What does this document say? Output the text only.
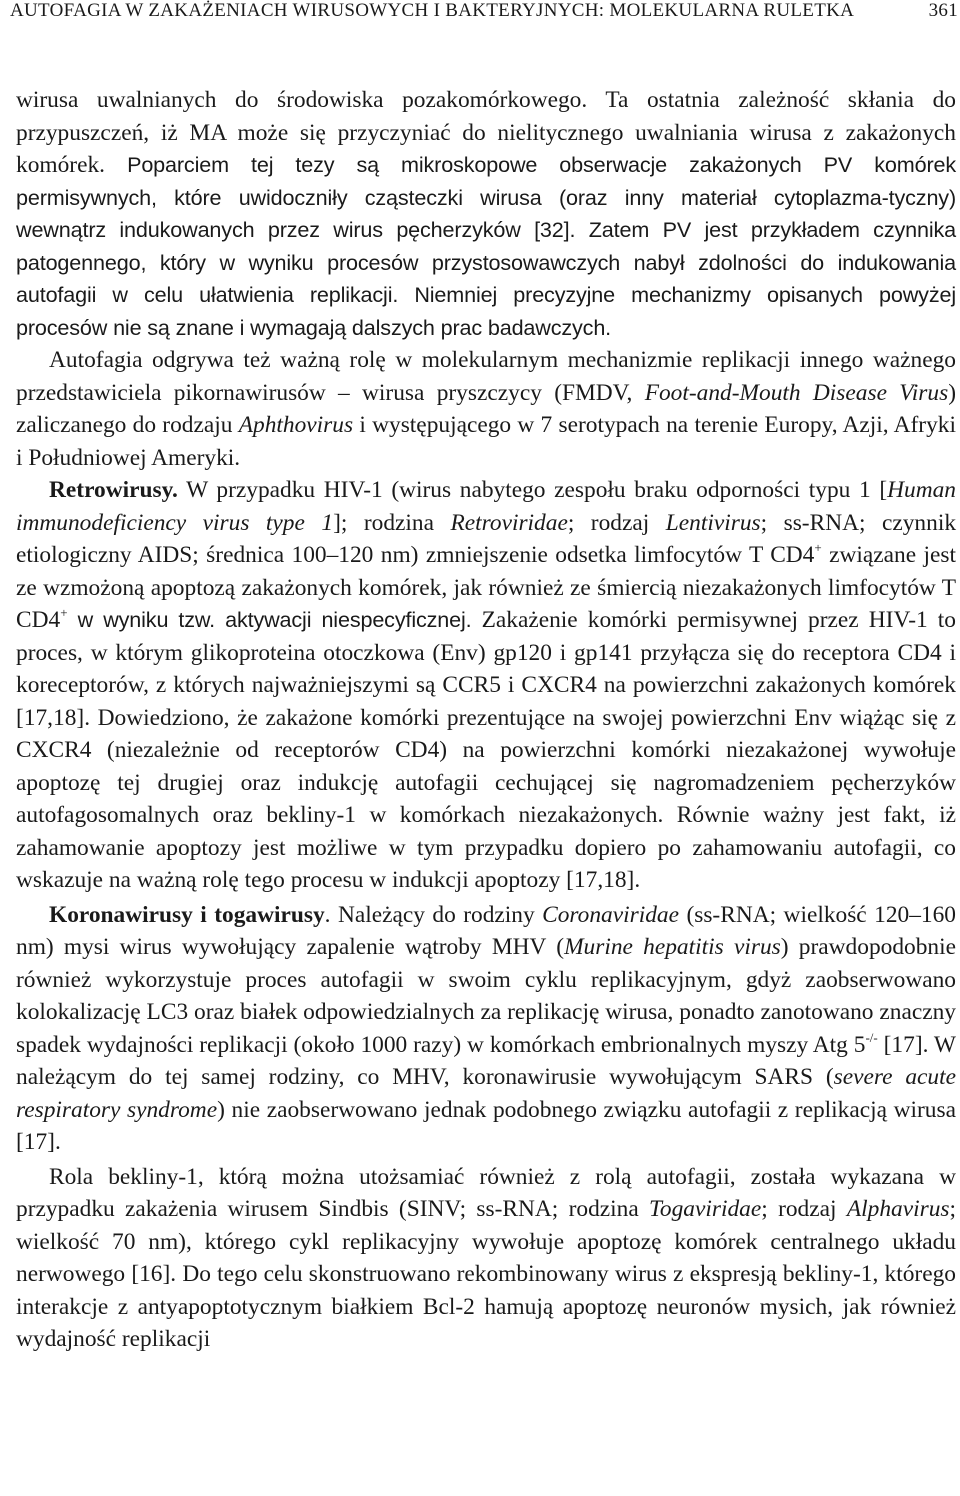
AUTOFAGIA W ZAKAŻENIACH WIRUSOWYCH I BAKTERYJNYCH: MOLEKULARNA RULETKA	361

wirusa uwalnianych do środowiska pozakomórkowego. Ta ostatnia zależność skłania do przypuszczeń, iż MA może się przyczyniać do nielitycznego uwalniania wirusa z zakażonych komórek. Poparciem tej tezy są mikroskopowe obserwacje zakażonych PV komórek permisywnych, które uwidoczniły cząsteczki wirusa (oraz inny materiał cytoplazma-tyczny) wewnątrz indukowanych przez wirus pęcherzyków [32]. Zatem PV jest przykładem czynnika patogennego, który w wyniku procesów przystosowawczych nabył zdolności do indukowania autofagii w celu ułatwienia replikacji. Niemniej precyzyjne mechanizmy opisanych powyżej procesów nie są znane i wymagają dalszych prac badawczych.

Autofagia odgrywa też ważną rolę w molekularnym mechanizmie replikacji innego ważnego przedstawiciela pikornawirusów – wirusa pryszczycy (FMDV, Foot-and-Mouth Disease Virus) zaliczanego do rodzaju Aphthovirus i występującego w 7 serotypach na terenie Europy, Azji, Afryki i Południowej Ameryki.

Retrowirusy. W przypadku HIV-1 (wirus nabytego zespołu braku odporności typu 1 [Human immunodeficiency virus type 1]; rodzina Retroviridae; rodzaj Lentivirus; ss-RNA; czynnik etiologiczny AIDS; średnica 100–120 nm) zmniejszenie odsetka limfocytów T CD4+ związane jest ze wzmożoną apoptozą zakażonych komórek, jak również ze śmiercią niezakażonych limfocytów T CD4+ w wyniku tzw. aktywacji niespecyficznej. Zakażenie komórki permisywnej przez HIV-1 to proces, w którym glikoproteina otoczkowa (Env) gp120 i gp141 przyłącza się do receptora CD4 i koreceptorów, z których najważniejszymi są CCR5 i CXCR4 na powierzchni zakażonych komórek [17,18]. Dowiedziono, że zakażone komórki prezentujące na swojej powierzchni Env wiążąc się z CXCR4 (niezależnie od receptorów CD4) na powierzchni komórki niezakażonej wywołuje apoptozę tej drugiej oraz indukcję autofagii cechującej się nagromadzeniem pęcherzyków autofagosomalnych oraz bekliny-1 w komórkach niezakażonych. Równie ważny jest fakt, iż zahamowanie apoptozy jest możliwe w tym przypadku dopiero po zahamowaniu autofagii, co wskazuje na ważną rolę tego procesu w indukcji apoptozy [17,18].

Koronawirusy i togawirusy. Należący do rodziny Coronaviridae (ss-RNA; wielkość 120–160 nm) mysi wirus wywołujący zapalenie wątroby MHV (Murine hepatitis virus) prawdopodobnie również wykorzystuje proces autofagii w swoim cyklu replikacyjnym, gdyż zaobserwowano kolokalizację LC3 oraz białek odpowiedzialnych za replikację wirusa, ponadto zanotowano znaczny spadek wydajności replikacji (około 1000 razy) w komórkach embrionalnych myszy Atg 5-/- [17]. W należącym do tej samej rodziny, co MHV, koronawirusie wywołującym SARS (severe acute respiratory syndrome) nie zaobserwowano jednak podobnego związku autofagii z replikacją wirusa [17].

Rola bekliny-1, którą można utożsamiać również z rolą autofagii, została wykazana w przypadku zakażenia wirusem Sindbis (SINV; ss-RNA; rodzina Togaviridae; rodzaj Alphavirus; wielkość 70 nm), którego cykl replikacyjny wywołuje apoptozę komórek centralnego układu nerwowego [16]. Do tego celu skonstruowano rekombinowany wirus z ekspresją bekliny-1, którego interakcje z antyapoptotycznym białkiem Bcl-2 hamują apoptozę neuronów mysich, jak również wydajność replikacji
